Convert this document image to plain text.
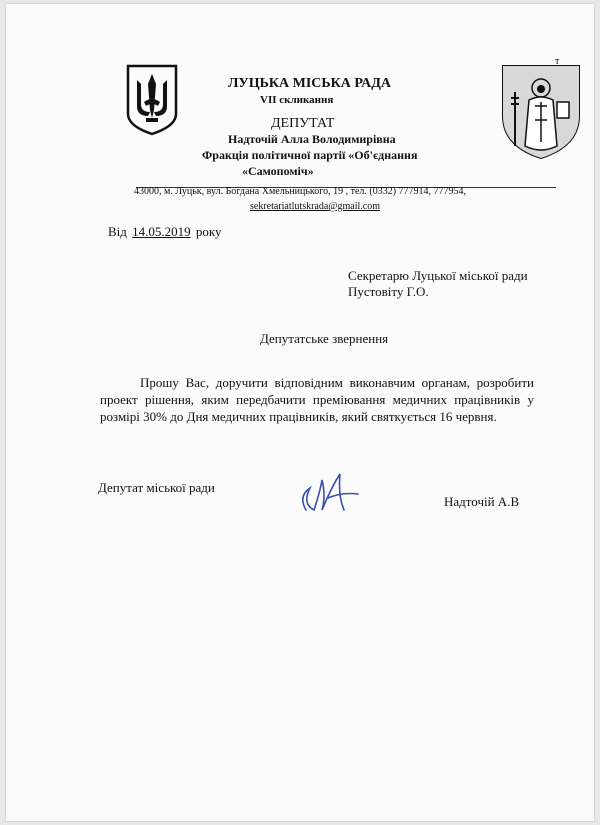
т
ЛУЦЬКА МІСЬКА РАДА
VII скликання
ДЕПУТАТ
Надточій Алла Володимирівна
Фракція політичної партії «Об'єднання
«Самопоміч»
43000, м. Луцьк, вул. Богдана Хмельницького, 19 , тел. (0332) 777914, 777954,
sekretariatlutskrada@gmail.com
Від 14.05.2019 року
Секретарю Луцької міської ради
Пустовіту Г.О.
Депутатське звернення

Прошу Вас, доручити відповідним виконавчим органам, розробити проект рішення, яким передбачити преміювання медичних працівників у розмірі 30% до Дня медичних працівників, який святкується 16 червня.

Депутат міської ради
Надточій А.В
